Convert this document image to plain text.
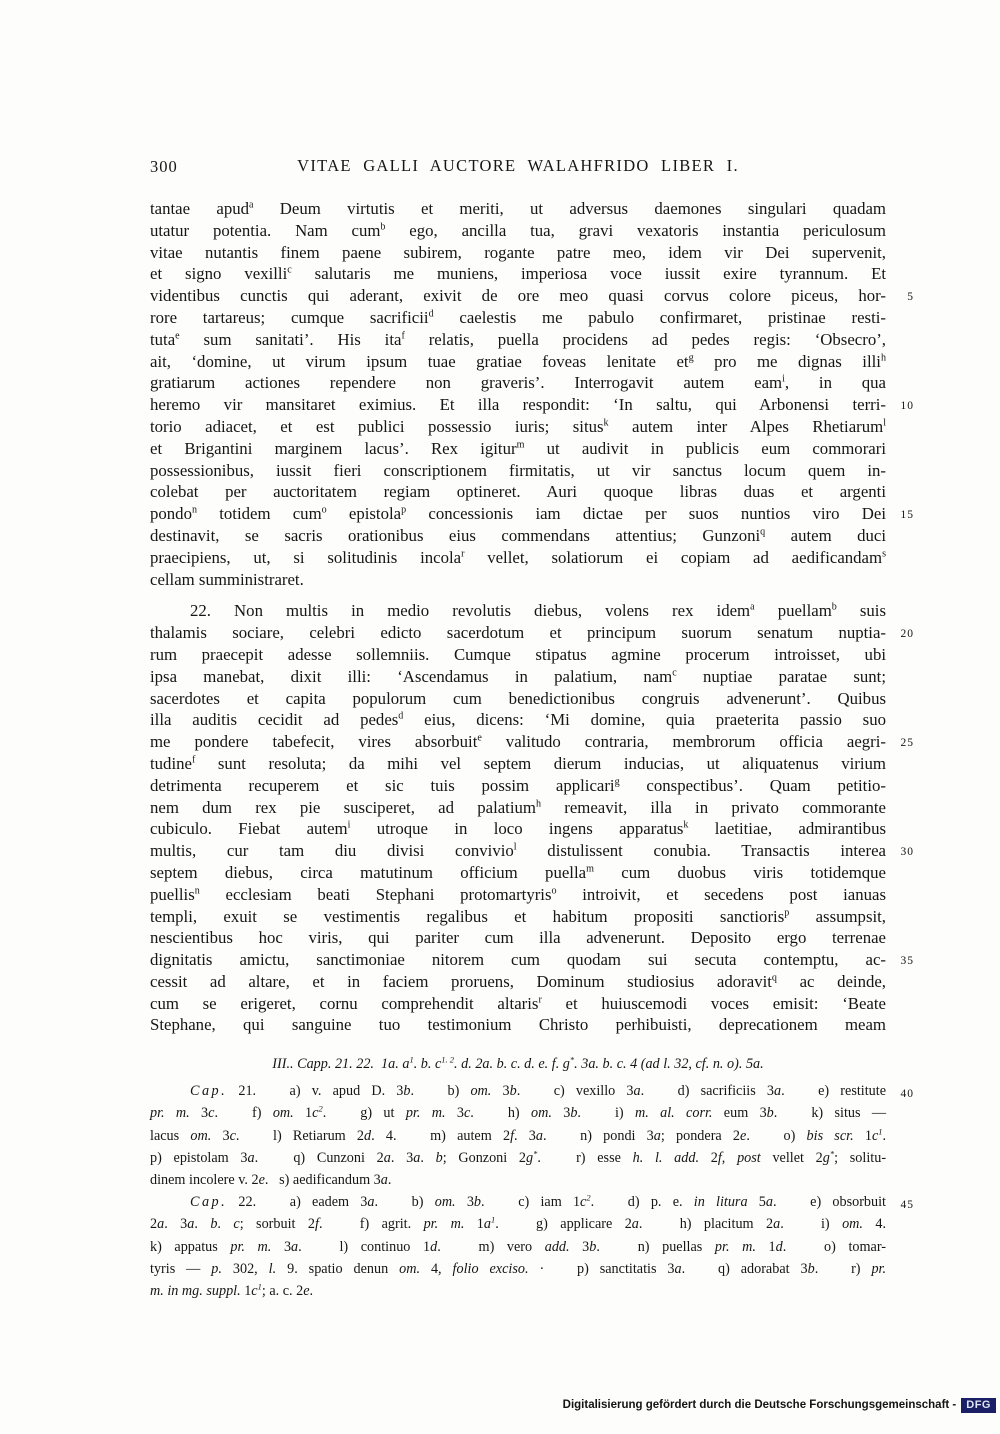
300	VITAE GALLI AUCTORE WALAHFRIDO LIBER I.
tantae apud$^a$ Deum virtutis et meriti, ut adversus daemones singulari quadam
utatur potentia. Nam cum$^b$ ego, ancilla tua, gravi vexatoris instantia periculosum
vitae nutantis finem paene subirem, rogante patre meo, idem vir Dei supervenit,
et signo vexilli$^c$ salutaris me muniens, imperiosa voce iussit exire tyrannum. Et
videntibus cunctis qui aderant, exivit de ore meo quasi corvus colore piceus, hor- 5
rore tartareus; cumque sacrificii$^d$ caelestis me pabulo confirmaret, pristinae resti-
tuta$^e$ sum sanitati’. His ita$^f$ relatis, puella procidens ad pedes regis: ‘Obsecro’,
ait, ‘domine, ut virum ipsum tuae gratiae foveas lenitate $et^g$ pro me dignas illi$^h$
gratiarum actiones rependere non graveris’. Interrogavit autem eam$^i$, in qua
heremo vir mansitaret eximius. Et illa respondit: ‘In saltu, qui Arbonensi terri- 10
torio adiacet, et est publici possessio iuris; situs$^k$ autem inter Alpes Rhetiarum$^l$
et Brigantini marginem lacus’. Rex igitur$^m$ ut audivit in publicis eum commorari
possessionibus, iussit fieri conscriptionem firmitatis, ut vir sanctus locum quem in-
colebat per auctoritatem regiam optineret. Auri quoque libras duas et argenti
pondo$^n$ totidem cum$^o$ epistola$^p$ concessionis iam dictae per suos nuntios viro Dei 15
destinavit, se sacris orationibus eius commendans attentius; Gunzoni$^q$ autem duci
praecipiens, ut, si solitudinis incola$^r$ vellet, solatiorum ei copiam ad aedificandam$^s$
cellam sumministraret.
22. Non multis in medio revolutis diebus, volens rex idem$^a$ puellam$^b$ suis
thalamis sociare, celebri edicto sacerdotum et principum suorum senatum nuptia- 20
rum praecepit adesse sollemniis. Cumque stipatus agmine procerum introisset, ubi
ipsa manebat, dixit illi: ‘Ascendamus in palatium, nam$^c$ nuptiae paratae sunt;
sacerdotes et capita populorum cum benedictionibus congruis advenerunt’. Quibus
illa auditis cecidit ad pedes$^d$ eius, dicens: ‘Mi domine, quia praeterita passio suo
me pondere tabefecit, vires absorbuit$^e$ valitudo contraria, membrorum officia aegri- 25
tudine$^f$ sunt resoluta; da mihi vel septem dierum inducias, ut aliquatenus virium
detrimenta recuperem et sic tuis possim applicari$^g$ conspectibus’. Quam petitio-
nem dum rex pie susciperet, ad palatium$^h$ remeavit, illa in privato commorante
cubiculo. Fiebat autem$^i$ utroque in loco ingens apparatus$^k$ laetitiae, admirantibus
multis, cur tam diu divisi convivio$^l$ distulissent conubia. Transactis interea 30
septem diebus, circa matutinum officium puella$^m$ cum duobus viris totidemque
puellis$^n$ ecclesiam beati Stephani protomartyris$^o$ introivit, et secedens post ianuas
templi, exuit se vestimentis regalibus et habitum propositi sanctioris$^p$ assumpsit,
nescientibus hoc viris, qui pariter cum illa advenerunt. Deposito ergo terrenae
dignitatis amictu, sanctimoniae nitorem cum quodam sui secuta contemptu, ac- 35
cessit ad altare, et in faciem proruens, Dominum studiosius adoravit$^q$ ac deinde,
cum se erigeret, cornu comprehendit altaris$^r$ et huiuscemodi voces emisit: ‘Beate
Stephane, qui sanguine tuo testimonium Christo perhibuisti, deprecationem meam
III.. Capp. 21. 22.  1a. $a^1$. b. $c^{1. 2}$. d. 2a. b. c. d. e. f. g*. 3a. b. c. 4 (ad l. 32, cf. n. o). 5a.
Cap. 21.   a) v. apud D. 3b.   b) om. 3b.   c) vexillo 3a.   d) sacrificiis 3a.   e) restitute 40
pr. m. 3c.   f) om. $1c^2$.   g) ut pr. m. 3c.   h) om. 3b.   i) m. al. corr. eum 3b.   k) situs —
lacus om. 3c.   l) Retiarum 2d. 4.   m) autem 2f. 3a.   n) pondi 3a; pondera 2e.   o) bis scr. $1c^1$.
p) epistolam 3a.   q) Cunzoni 2a. 3a. b; Gonzoni 2g*.   r) esse h. l. add. 2f, post vellet 2g*; solitu-
dinem incolere v. 2e.   s) aedificandum 3a.
Cap. 22.   a) eadem 3a.   b) om. 3b.   c) iam $1c^2$.   d) p. e. in litura 5a.   e) obsorbuit 45
2a. 3a. b. c; sorbuit 2f.   f) agrit. pr. m. $1a^1$.   g) applicare 2a.   h) placitum 2a.   i) om. 4.
k) appatus pr. m. 3a.   l) continuo 1d.   m) vero add. 3b.   n) puellas pr. m. 1d.   o) tomar-
tyris — p. 302, l. 9. spatio denun om. 4, folio exciso. ·   p) sanctitatis 3a.   q) adorabat 3b.   r) pr.
m. in mg. suppl. $1c^1$; a. c. 2e.
Digitalisierung gefördert durch die Deutsche Forschungsgemeinschaft - DFG
